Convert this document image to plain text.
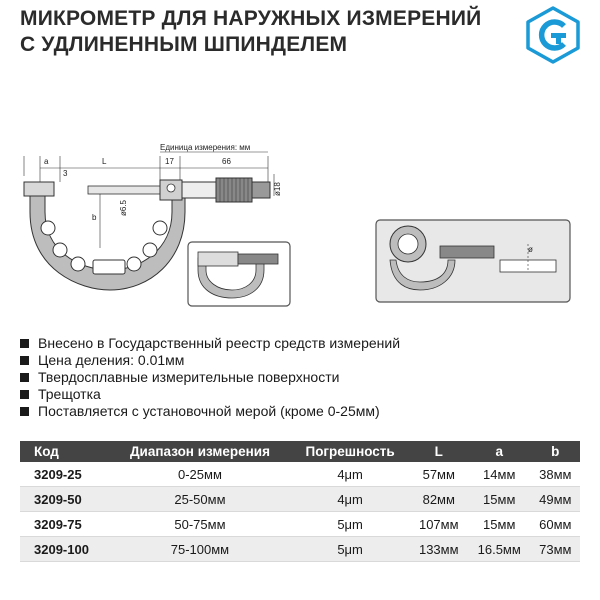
МИКРОМЕТР ДЛЯ НАРУЖНЫХ ИЗМЕРЕНИЙ
С УДЛИНЕННЫМ ШПИНДЕЛЕМ
Единица измерения: мм
a
3
L	17	66
b
ø6.5
ø18
ø
Внесено в Государственный реестр средств измерений
Цена деления: 0.01мм
Твердосплавные измерительные поверхности
Трещотка
Поставляется с установочной мерой (кроме 0-25мм)
Код	Диапазон измерения	Погрешность	L	a	b
3209-25	0-25мм	4μm	57мм	14мм	38мм
3209-50	25-50мм	4μm	82мм	15мм	49мм
3209-75	50-75мм	5μm	107мм	15мм	60мм
3209-100	75-100мм	5μm	133мм	16.5мм	73мм
